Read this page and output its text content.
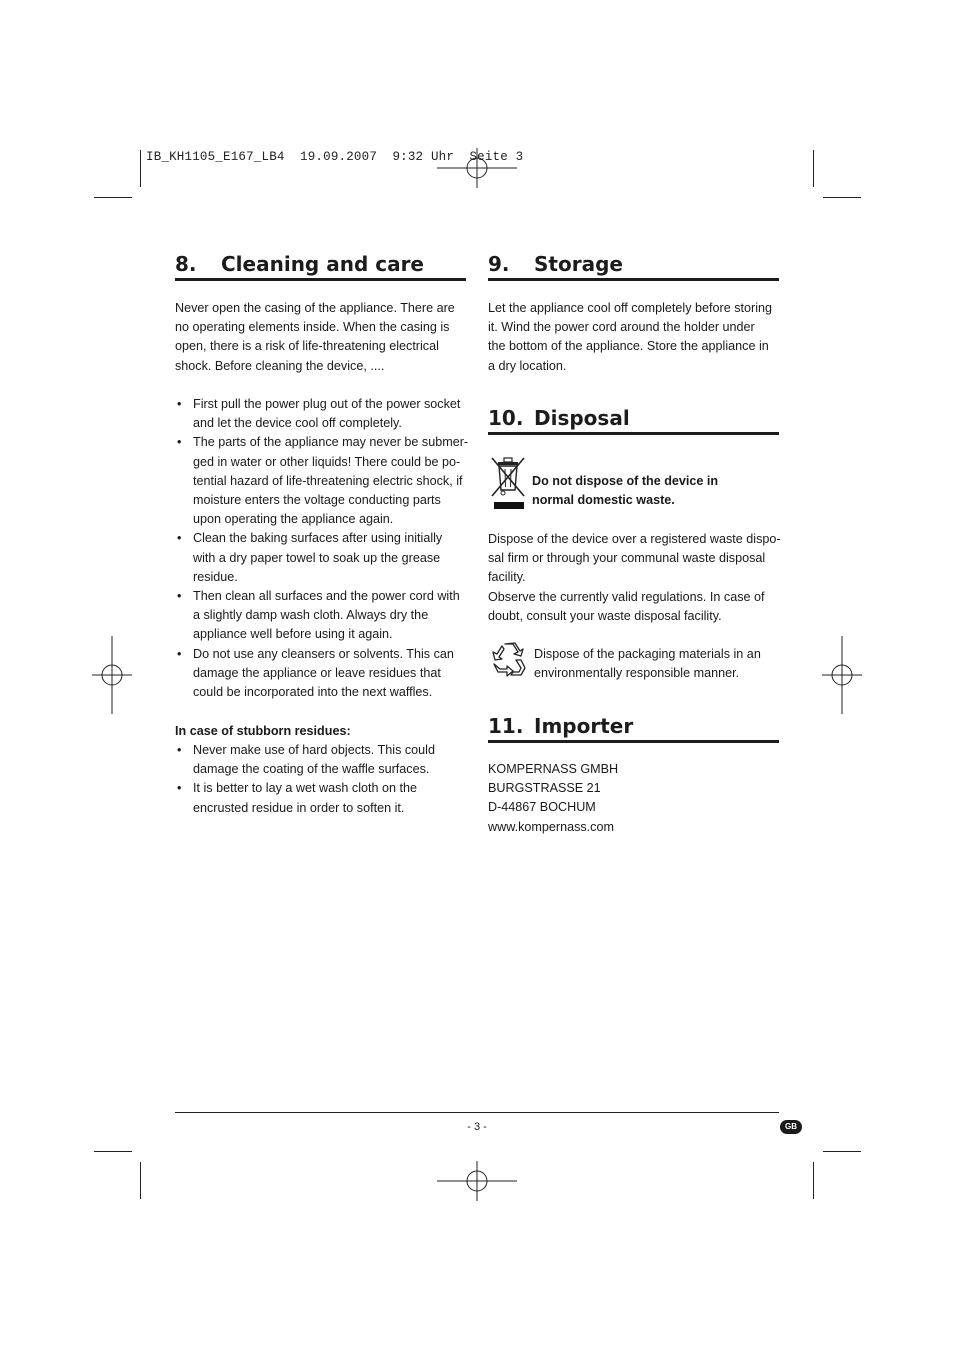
IB_KH1105_E167_LB4  19.09.2007  9:32 Uhr  Seite 3
8. Cleaning and care
Never open the casing of the appliance. There are
no operating elements inside. When the casing is
open, there is a risk of life-threatening electrical
shock. Before cleaning the device, ....
• First pull the power plug out of the power socket
and let the device cool off completely.
• The parts of the appliance may never be submer-
ged in water or other liquids! There could be po-
tential hazard of life-threatening electric shock, if
moisture enters the voltage conducting parts
upon operating the appliance again.
• Clean the baking surfaces after using initially
with a dry paper towel to soak up the grease
residue.
• Then clean all surfaces and the power cord with
a slightly damp wash cloth. Always dry the
appliance well before using it again.
• Do not use any cleansers or solvents. This can
damage the appliance or leave residues that
could be incorporated into the next waffles.
In case of stubborn residues:
• Never make use of hard objects. This could
damage the coating of the waffle surfaces.
• It is better to lay a wet wash cloth on the
encrusted residue in order to soften it.
9. Storage
Let the appliance cool off completely before storing
it. Wind the power cord around the holder under
the bottom of the appliance. Store the appliance in
a dry location.
10. Disposal
Do not dispose of the device in
normal domestic waste.
Dispose of the device over a registered waste dispo-
sal firm or through your communal waste disposal
facility.
Observe the currently valid regulations. In case of
doubt, consult your waste disposal facility.
Dispose of the packaging materials in an
environmentally responsible manner.
11. Importer
KOMPERNASS GMBH
BURGSTRASSE 21
D-44867 BOCHUM
www.kompernass.com
- 3 -	GB
